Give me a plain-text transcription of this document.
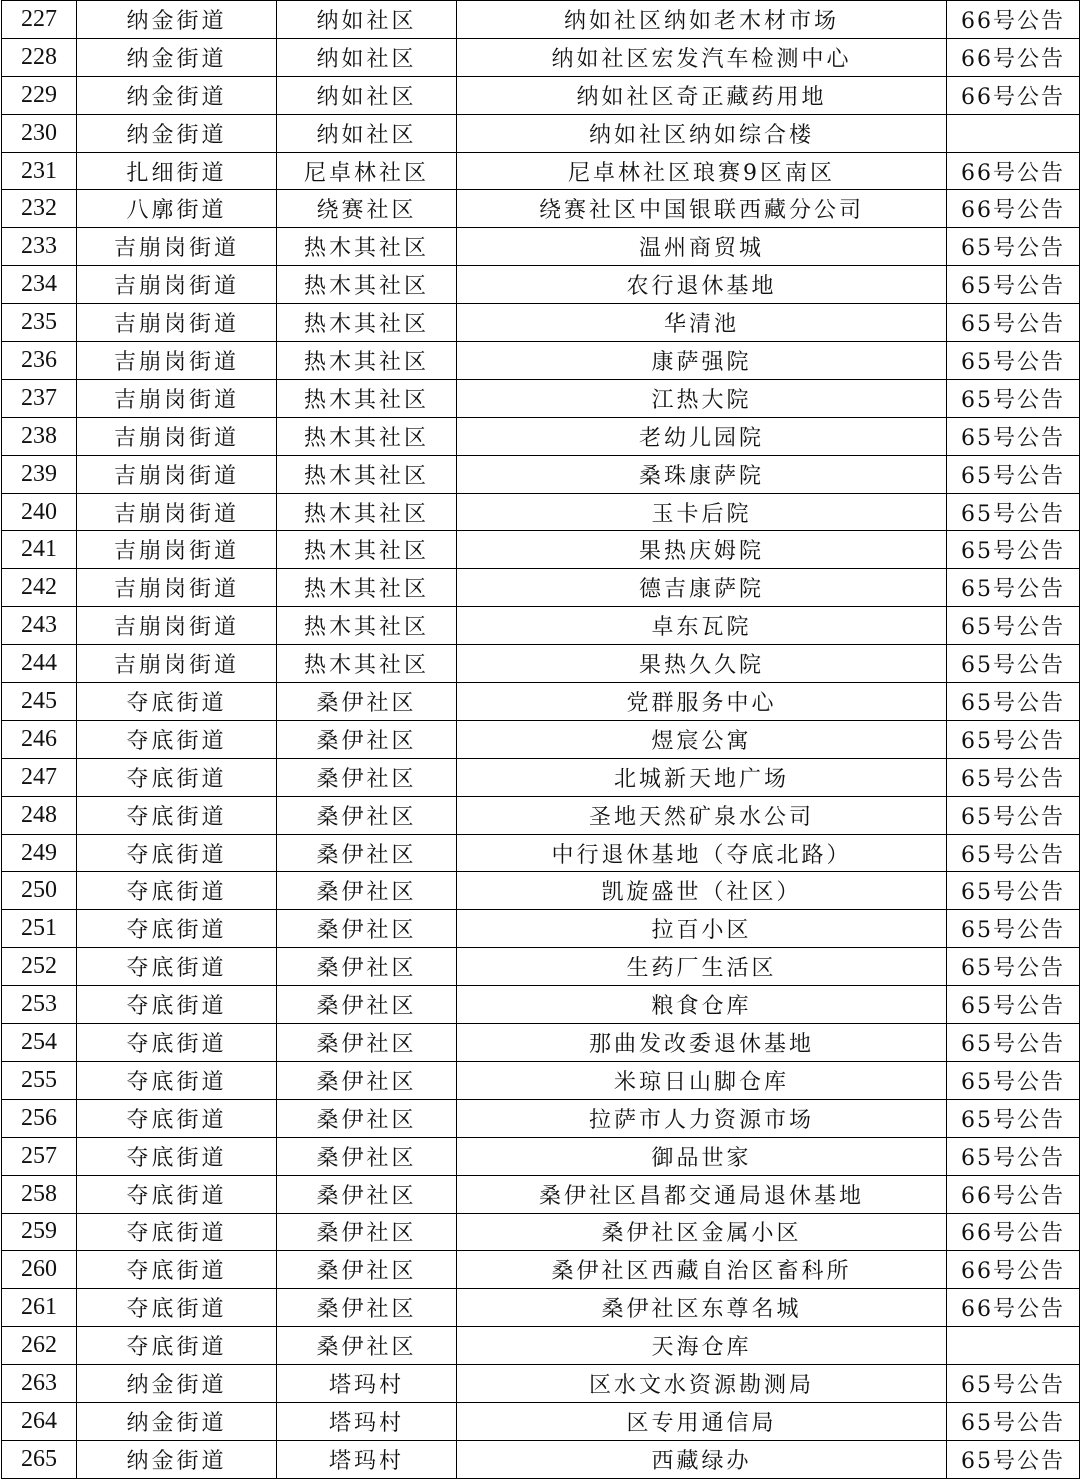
227	纳金街道	纳如社区	纳如社区纳如老木材市场	66号公告
228	纳金街道	纳如社区	纳如社区宏发汽车检测中心	66号公告
229	纳金街道	纳如社区	纳如社区奇正藏药用地	66号公告
230	纳金街道	纳如社区	纳如社区纳如综合楼	
231	扎细街道	尼卓林社区	尼卓林社区琅赛9区南区	66号公告
232	八廓街道	绕赛社区	绕赛社区中国银联西藏分公司	66号公告
233	吉崩岗街道	热木其社区	温州商贸城	65号公告
234	吉崩岗街道	热木其社区	农行退休基地	65号公告
235	吉崩岗街道	热木其社区	华清池	65号公告
236	吉崩岗街道	热木其社区	康萨强院	65号公告
237	吉崩岗街道	热木其社区	江热大院	65号公告
238	吉崩岗街道	热木其社区	老幼儿园院	65号公告
239	吉崩岗街道	热木其社区	桑珠康萨院	65号公告
240	吉崩岗街道	热木其社区	玉卡后院	65号公告
241	吉崩岗街道	热木其社区	果热庆姆院	65号公告
242	吉崩岗街道	热木其社区	德吉康萨院	65号公告
243	吉崩岗街道	热木其社区	卓东瓦院	65号公告
244	吉崩岗街道	热木其社区	果热久久院	65号公告
245	夺底街道	桑伊社区	党群服务中心	65号公告
246	夺底街道	桑伊社区	煜宸公寓	65号公告
247	夺底街道	桑伊社区	北城新天地广场	65号公告
248	夺底街道	桑伊社区	圣地天然矿泉水公司	65号公告
249	夺底街道	桑伊社区	中行退休基地（夺底北路）	65号公告
250	夺底街道	桑伊社区	凯旋盛世（社区）	65号公告
251	夺底街道	桑伊社区	拉百小区	65号公告
252	夺底街道	桑伊社区	生药厂生活区	65号公告
253	夺底街道	桑伊社区	粮食仓库	65号公告
254	夺底街道	桑伊社区	那曲发改委退休基地	65号公告
255	夺底街道	桑伊社区	米琼日山脚仓库	65号公告
256	夺底街道	桑伊社区	拉萨市人力资源市场	65号公告
257	夺底街道	桑伊社区	御品世家	65号公告
258	夺底街道	桑伊社区	桑伊社区昌都交通局退休基地	66号公告
259	夺底街道	桑伊社区	桑伊社区金属小区	66号公告
260	夺底街道	桑伊社区	桑伊社区西藏自治区畜科所	66号公告
261	夺底街道	桑伊社区	桑伊社区东尊名城	66号公告
262	夺底街道	桑伊社区	天海仓库	
263	纳金街道	塔玛村	区水文水资源勘测局	65号公告
264	纳金街道	塔玛村	区专用通信局	65号公告
265	纳金街道	塔玛村	西藏绿办	65号公告
